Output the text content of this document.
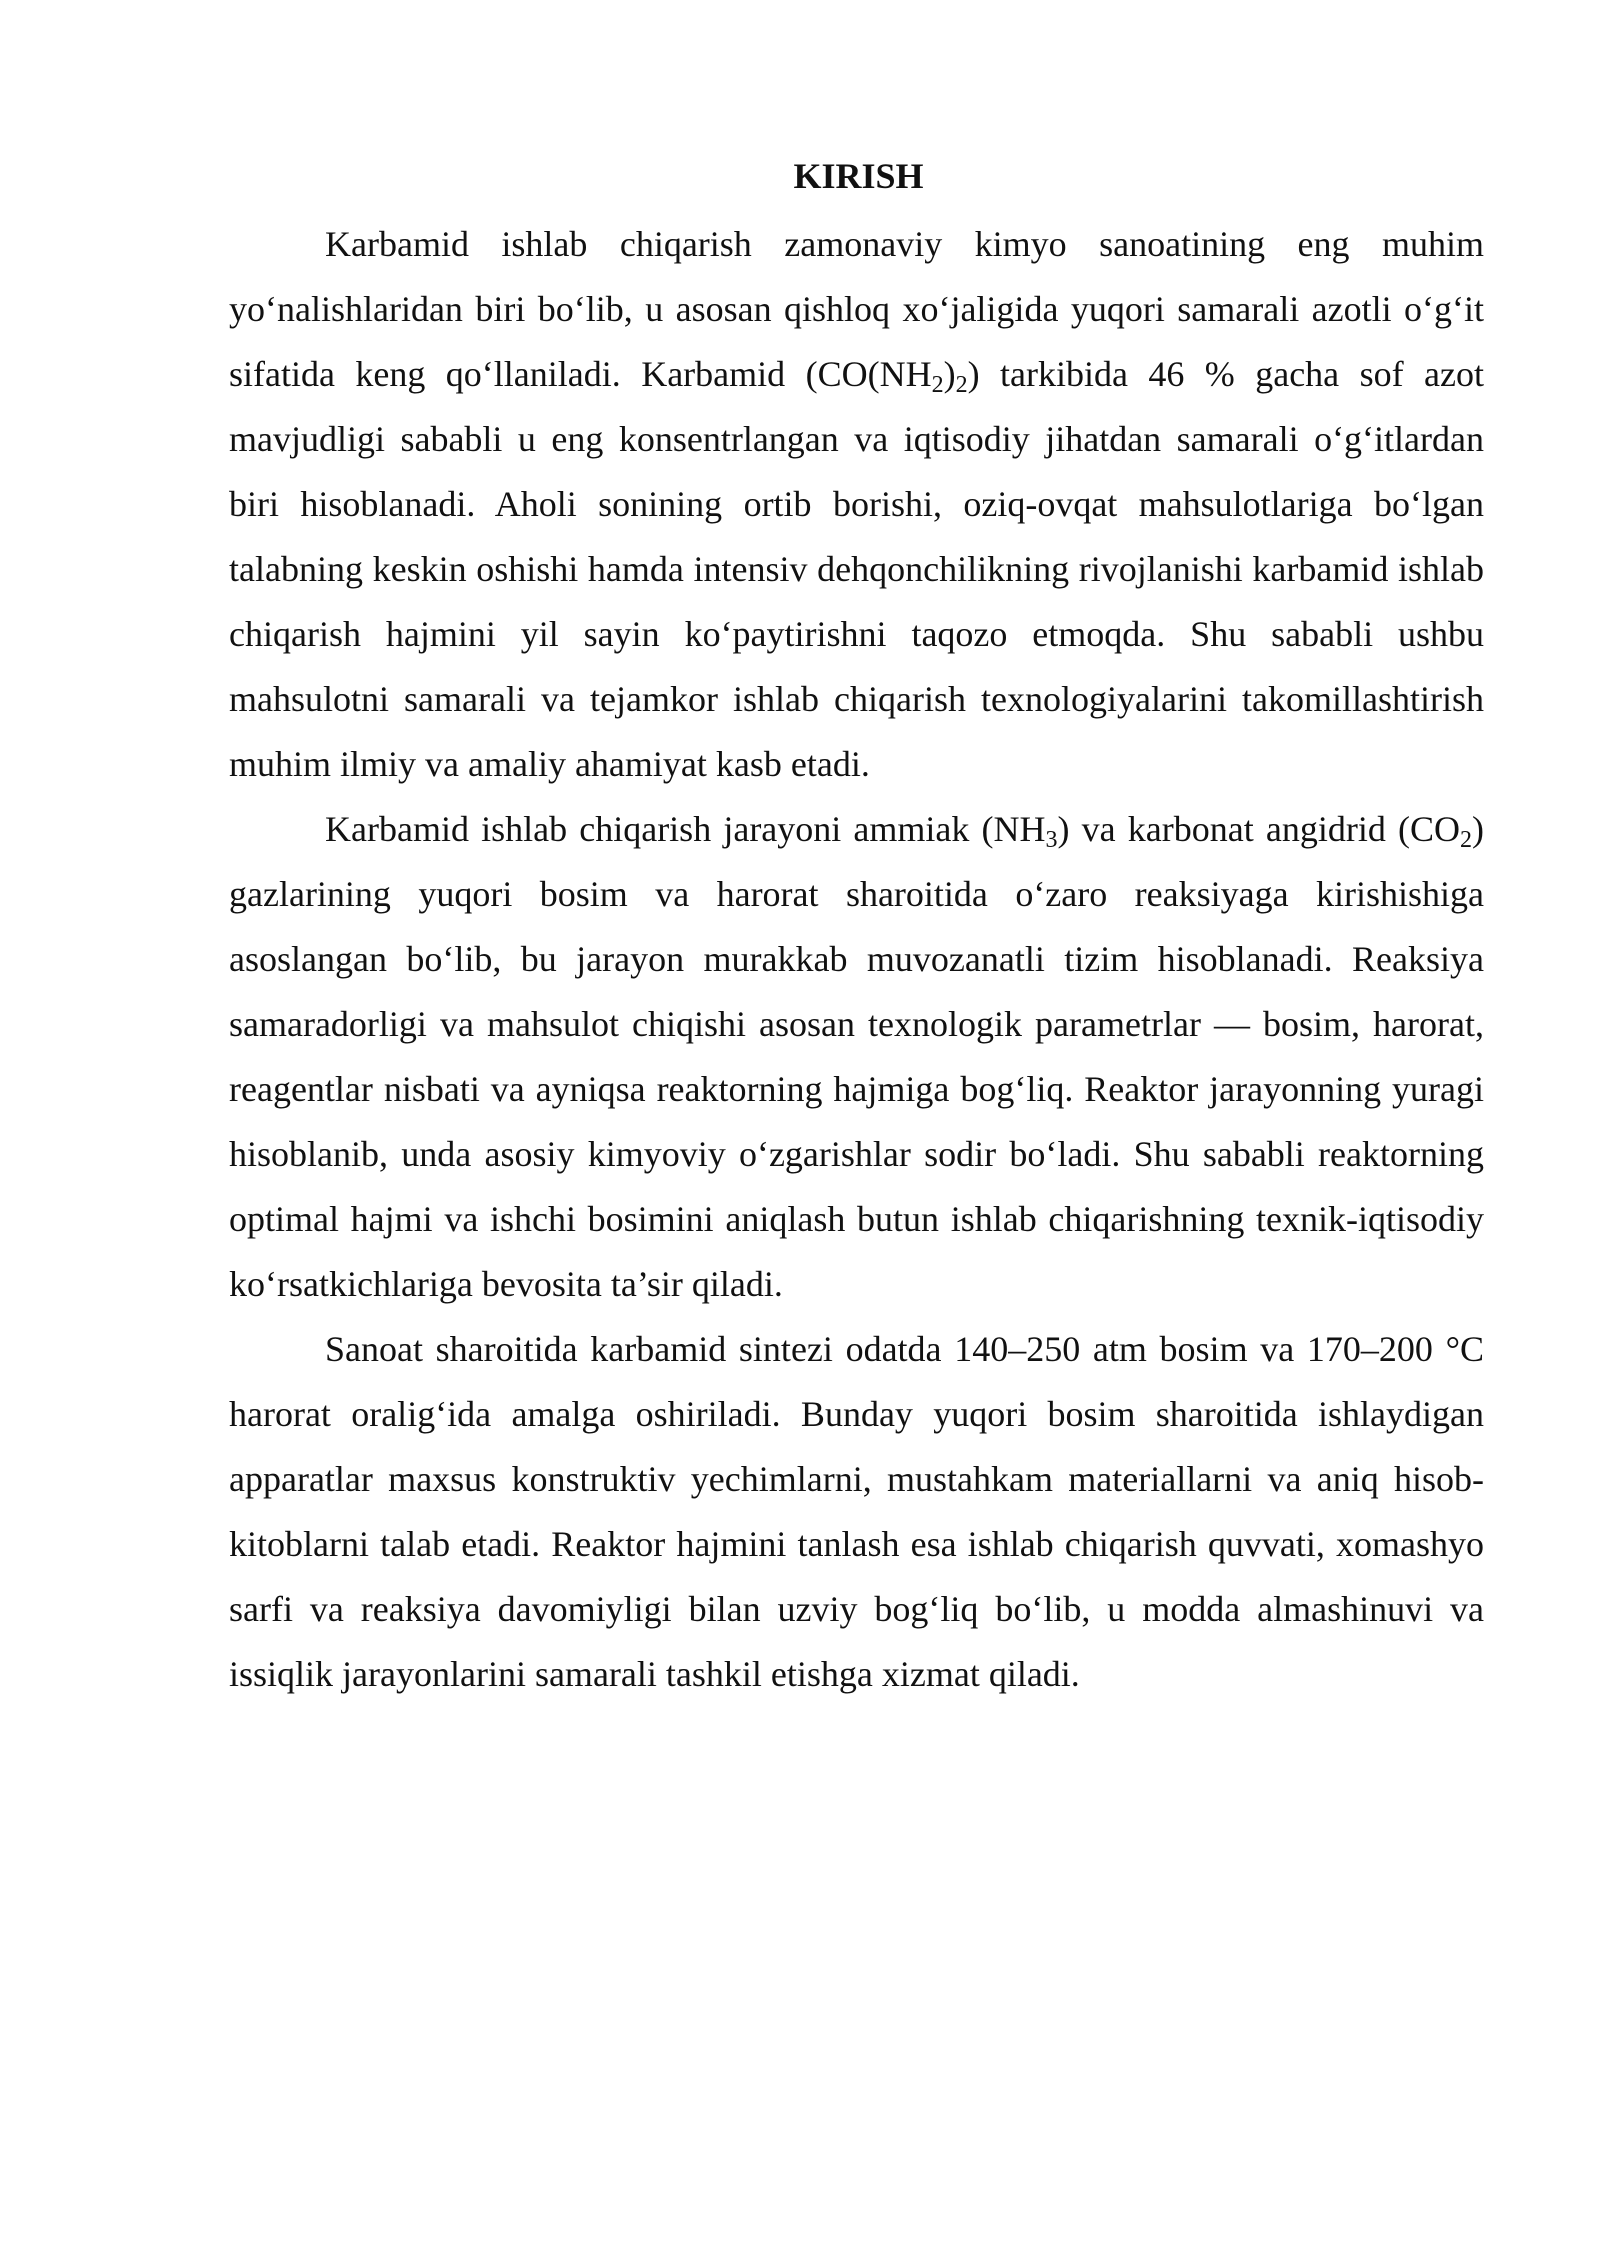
KIRISH

Karbamid ishlab chiqarish zamonaviy kimyo sanoatining eng muhim yo‘nalishlaridan biri bo‘lib, u asosan qishloq xo‘jaligida yuqori samarali azotli o‘g‘it sifatida keng qo‘llaniladi. Karbamid $(CO(NH_2)_2)$ tarkibida 46 % gacha sof azot mavjudligi sababli u eng konsentrlangan va iqtisodiy jihatdan samarali o‘g‘itlardan biri hisoblanadi. Aholi sonining ortib borishi, oziq-ovqat mahsulotlariga bo‘lgan talabning keskin oshishi hamda intensiv dehqonchilikning rivojlanishi karbamid ishlab chiqarish hajmini yil sayin ko‘paytirishni taqozo etmoqda. Shu sababli ushbu mahsulotni samarali va tejamkor ishlab chiqarish texnologiyalarini takomillashtirish muhim ilmiy va amaliy ahamiyat kasb etadi.

Karbamid ishlab chiqarish jarayoni ammiak $(NH_3)$ va karbonat angidrid $(CO_2)$ gazlarining yuqori bosim va harorat sharoitida o‘zaro reaksiyaga kirishishiga asoslangan bo‘lib, bu jarayon murakkab muvozanatli tizim hisoblanadi. Reaksiya samaradorligi va mahsulot chiqishi asosan texnologik parametrlar — bosim, harorat, reagentlar nisbati va ayniqsa reaktorning hajmiga bog‘liq. Reaktor jarayonning yuragi hisoblanib, unda asosiy kimyoviy o‘zgarishlar sodir bo‘ladi. Shu sababli reaktorning optimal hajmi va ishchi bosimini aniqlash butun ishlab chiqarishning texnik-iqtisodiy ko‘rsatkichlariga bevosita ta’sir qiladi.

Sanoat sharoitida karbamid sintezi odatda 140–250 atm bosim va 170–200 °C harorat oralig‘ida amalga oshiriladi. Bunday yuqori bosim sharoitida ishlaydigan apparatlar maxsus konstruktiv yechimlarni, mustahkam materiallarni va aniq hisob-kitoblarni talab etadi. Reaktor hajmini tanlash esa ishlab chiqarish quvvati, xomashyo sarfi va reaksiya davomiyligi bilan uzviy bog‘liq bo‘lib, u modda almashinuvi va issiqlik jarayonlarini samarali tashkil etishga xizmat qiladi.
